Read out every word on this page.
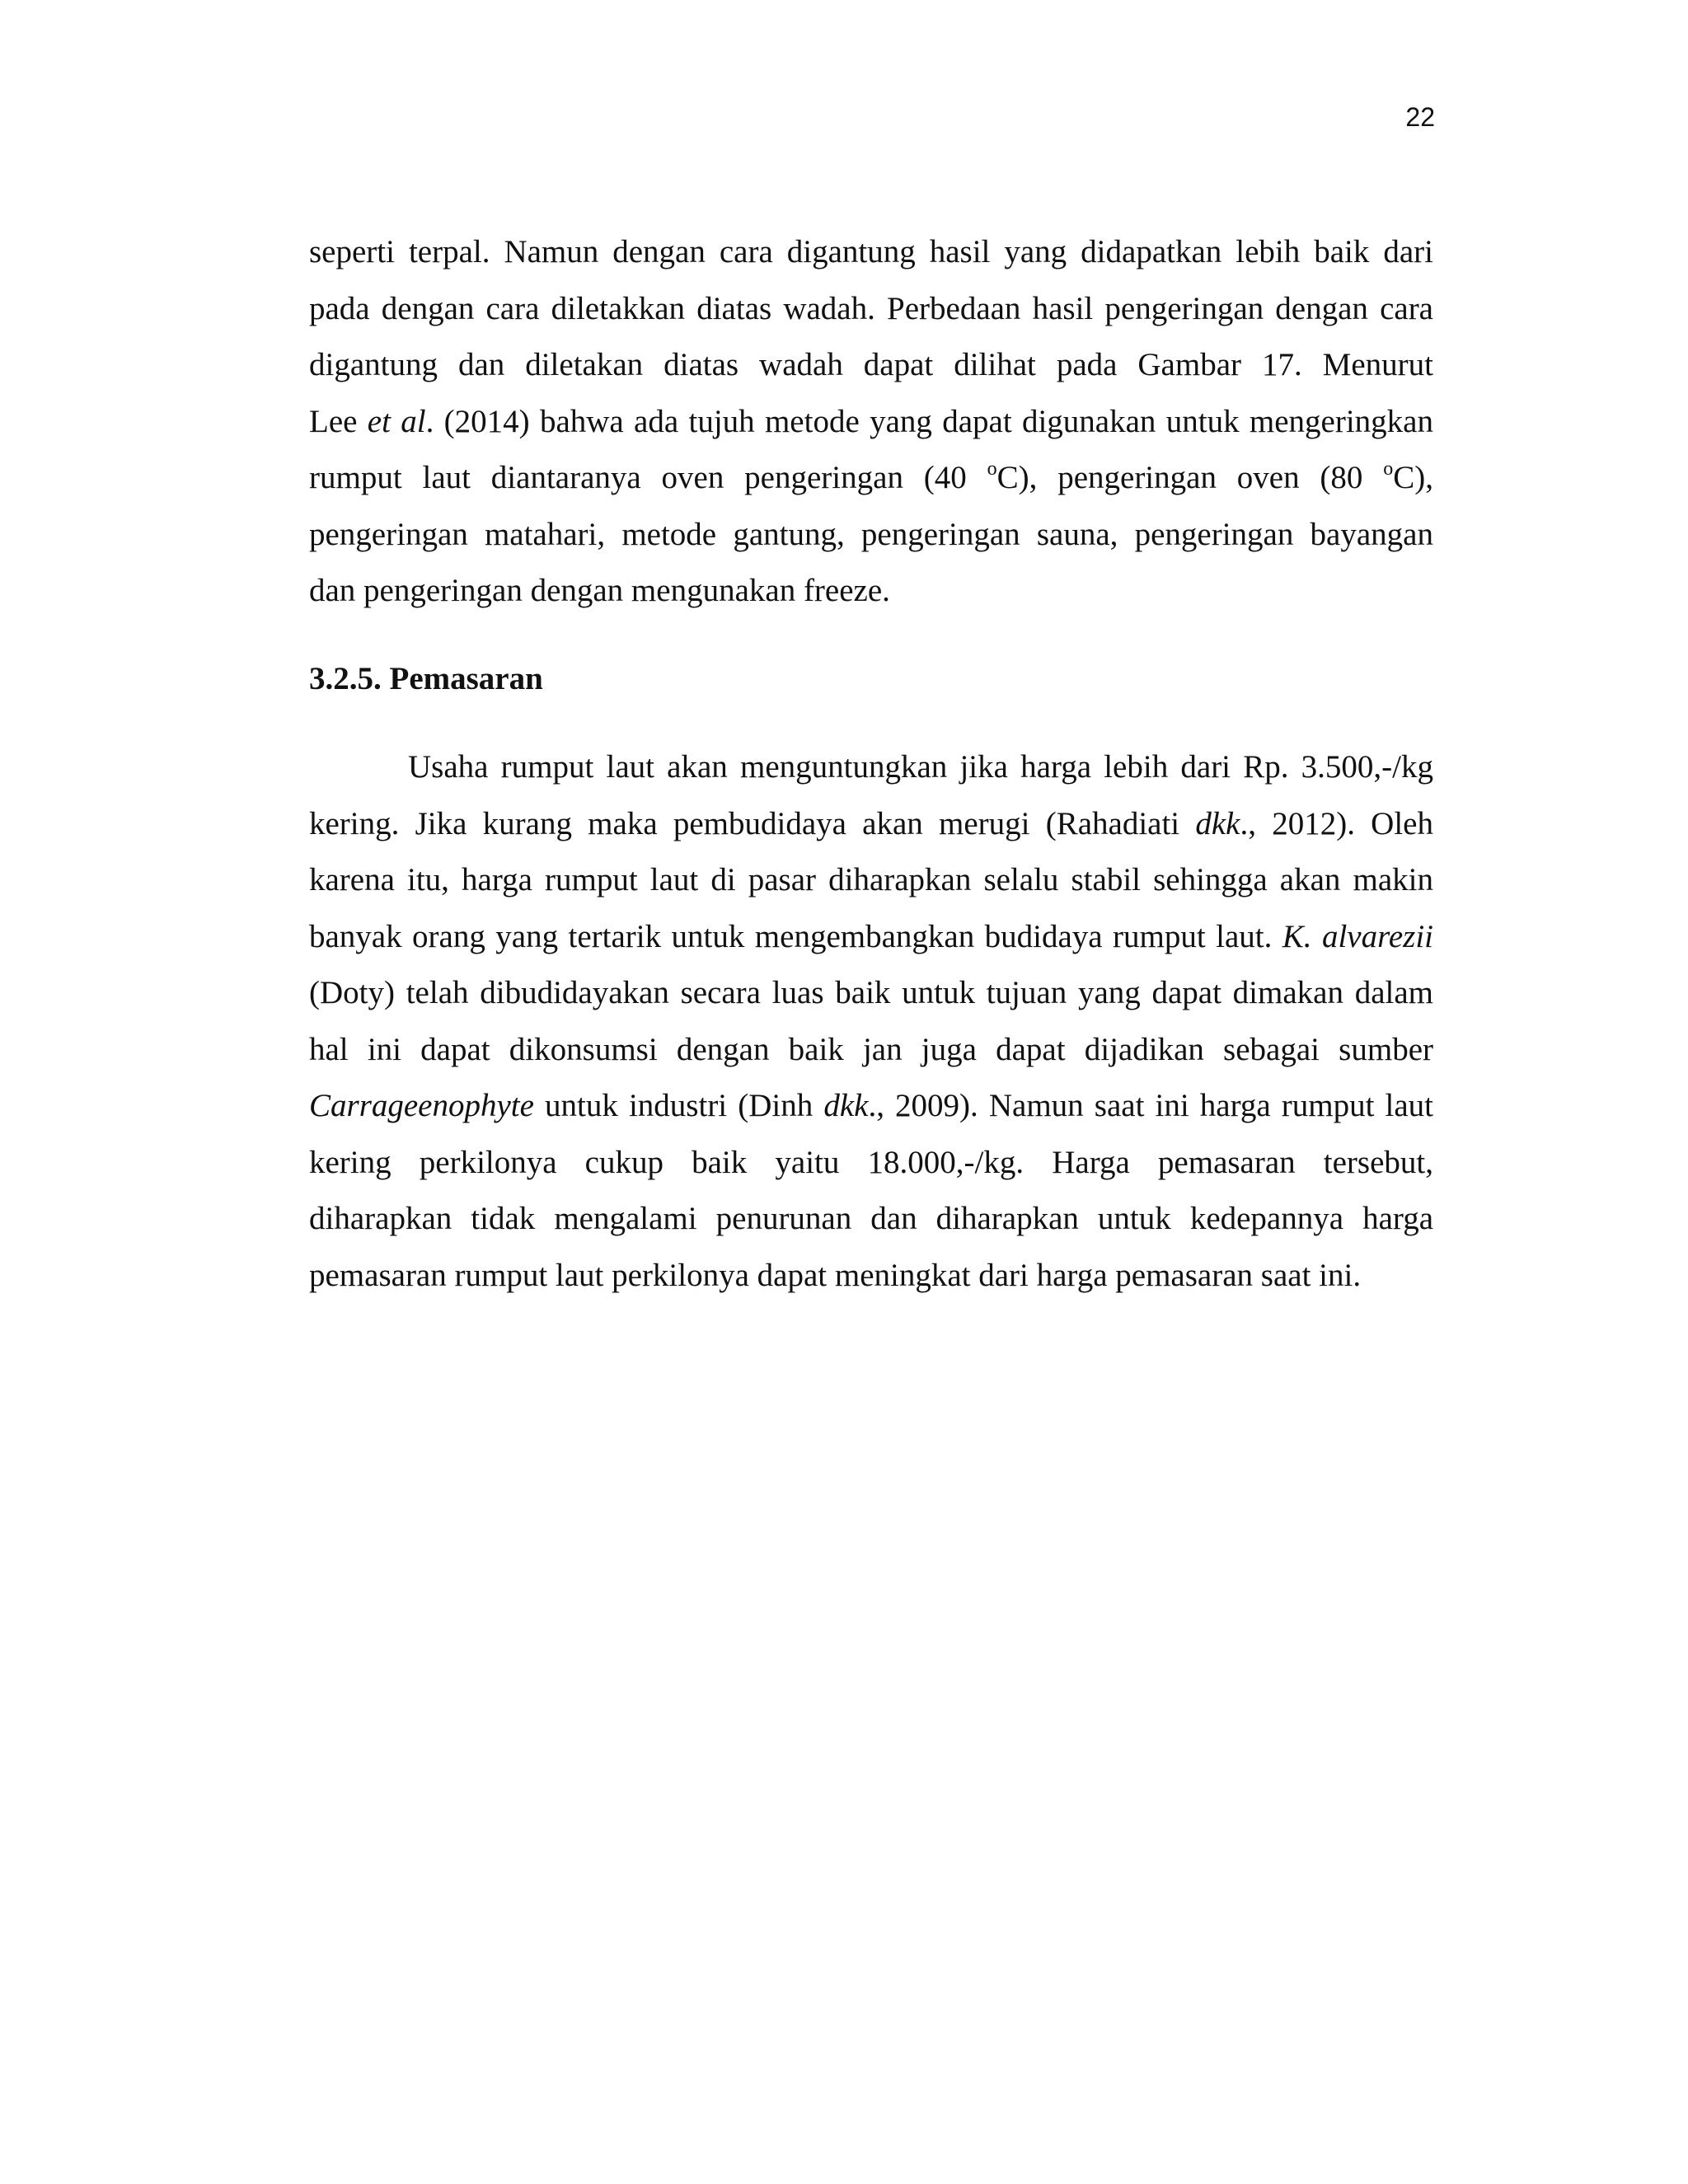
22
seperti terpal. Namun dengan cara digantung hasil yang didapatkan lebih baik dari
pada dengan cara diletakkan diatas wadah. Perbedaan hasil pengeringan dengan cara
digantung dan diletakan diatas wadah dapat dilihat pada Gambar 17. Menurut
Lee et al. (2014) bahwa ada tujuh metode yang dapat digunakan untuk mengeringkan
rumput laut diantaranya oven pengeringan (40 $^o$C), pengeringan oven (80 $^o$C),
pengeringan matahari, metode gantung, pengeringan sauna, pengeringan bayangan
dan pengeringan dengan mengunakan freeze.
3.2.5. Pemasaran
Usaha rumput laut akan menguntungkan jika harga lebih dari Rp. 3.500,-/kg
kering. Jika kurang maka pembudidaya akan merugi (Rahadiati dkk., 2012). Oleh
karena itu, harga rumput laut di pasar diharapkan selalu stabil sehingga akan makin
banyak orang yang tertarik untuk mengembangkan budidaya rumput laut. K. alvarezii
(Doty) telah dibudidayakan secara luas baik untuk tujuan yang dapat dimakan dalam
hal ini dapat dikonsumsi dengan baik jan juga dapat dijadikan sebagai sumber
Carrageenophyte untuk industri (Dinh dkk., 2009). Namun saat ini harga rumput laut
kering perkilonya cukup baik yaitu 18.000,-/kg. Harga pemasaran tersebut,
diharapkan tidak mengalami penurunan dan diharapkan untuk kedepannya harga
pemasaran rumput laut perkilonya dapat meningkat dari harga pemasaran saat ini.
